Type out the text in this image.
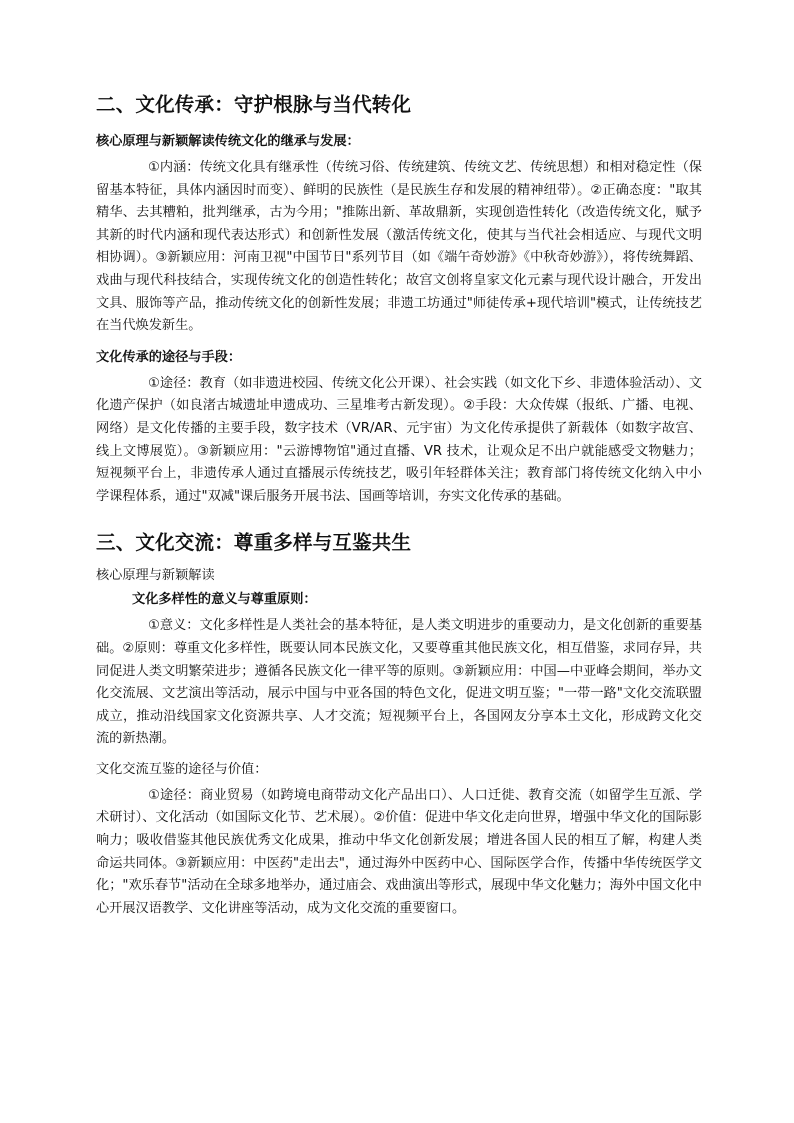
二、文化传承：守护根脉与当代转化

核心原理与新颖解读传统文化的继承与发展：

①内涵：传统文化具有继承性（传统习俗、传统建筑、传统文艺、传统思想）和相对稳定性（保留基本特征，具体内涵因时而变）、鲜明的民族性（是民族生存和发展的精神纽带）。②正确态度："取其精华、去其糟粕，批判继承，古为今用；"推陈出新、革故鼎新，实现创造性转化（改造传统文化，赋予其新的时代内涵和现代表达形式）和创新性发展（激活传统文化，使其与当代社会相适应、与现代文明相协调）。③新颖应用：河南卫视"中国节日"系列节目（如《端午奇妙游》《中秋奇妙游》），将传统舞蹈、戏曲与现代科技结合，实现传统文化的创造性转化；故宫文创将皇家文化元素与现代设计融合，开发出文具、服饰等产品，推动传统文化的创新性发展；非遗工坊通过"师徒传承+现代培训"模式，让传统技艺在当代焕发新生。

文化传承的途径与手段：

①途径：教育（如非遗进校园、传统文化公开课）、社会实践（如文化下乡、非遗体验活动）、文化遗产保护（如良渚古城遗址申遗成功、三星堆考古新发现）。②手段：大众传媒（报纸、广播、电视、网络）是文化传播的主要手段，数字技术（VR/AR、元宇宙）为文化传承提供了新载体（如数字故宫、线上文博展览）。③新颖应用："云游博物馆"通过直播、VR 技术，让观众足不出户就能感受文物魅力；短视频平台上，非遗传承人通过直播展示传统技艺，吸引年轻群体关注；教育部门将传统文化纳入中小学课程体系，通过"双减"课后服务开展书法、国画等培训，夯实文化传承的基础。

三、文化交流：尊重多样与互鉴共生

核心原理与新颖解读

文化多样性的意义与尊重原则：

①意义：文化多样性是人类社会的基本特征，是人类文明进步的重要动力，是文化创新的重要基础。②原则：尊重文化多样性，既要认同本民族文化，又要尊重其他民族文化，相互借鉴，求同存异，共同促进人类文明繁荣进步；遵循各民族文化一律平等的原则。③新颖应用：中国—中亚峰会期间，举办文化交流展、文艺演出等活动，展示中国与中亚各国的特色文化，促进文明互鉴；"一带一路"文化交流联盟成立，推动沿线国家文化资源共享、人才交流；短视频平台上，各国网友分享本土文化，形成跨文化交流的新热潮。

文化交流互鉴的途径与价值：

①途径：商业贸易（如跨境电商带动文化产品出口）、人口迁徙、教育交流（如留学生互派、学术研讨）、文化活动（如国际文化节、艺术展）。②价值：促进中华文化走向世界，增强中华文化的国际影响力；吸收借鉴其他民族优秀文化成果，推动中华文化创新发展；增进各国人民的相互了解，构建人类命运共同体。③新颖应用：中医药"走出去"，通过海外中医药中心、国际医学合作，传播中华传统医学文化；"欢乐春节"活动在全球多地举办，通过庙会、戏曲演出等形式，展现中华文化魅力；海外中国文化中心开展汉语教学、文化讲座等活动，成为文化交流的重要窗口。
